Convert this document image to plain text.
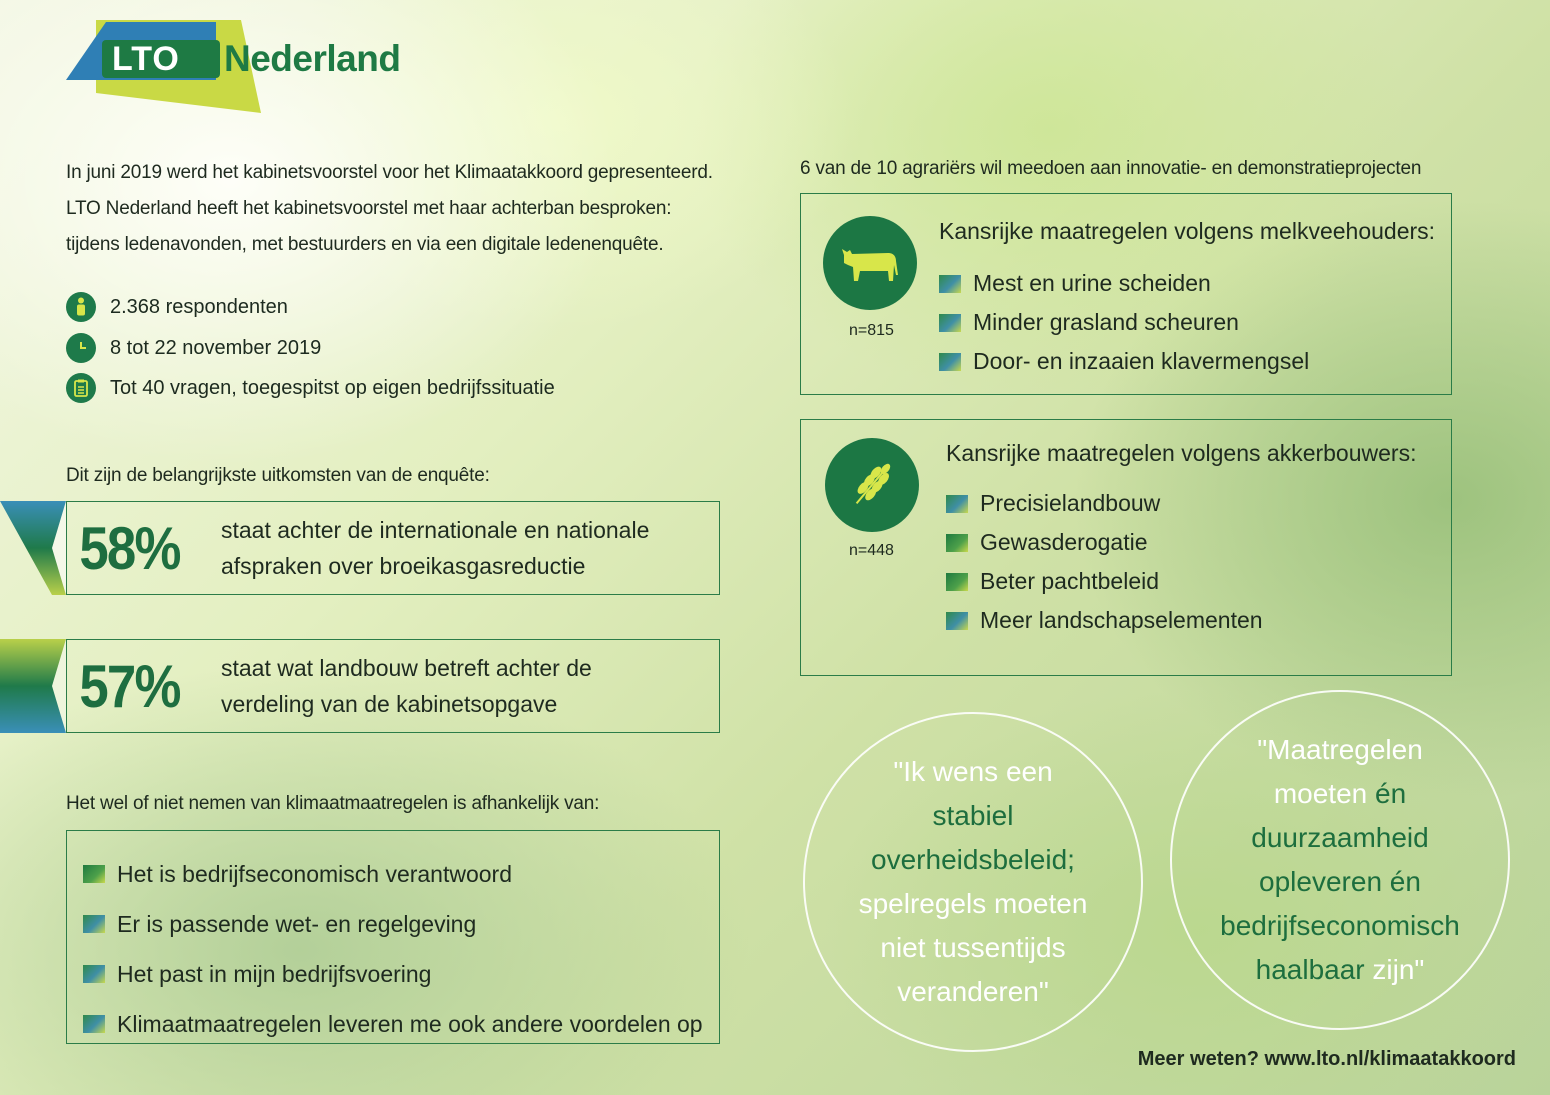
LTO Nederland
In juni 2019 werd het kabinetsvoorstel voor het Klimaatakkoord gepresenteerd.
LTO Nederland heeft het kabinetsvoorstel met haar achterban besproken:
tijdens ledenavonden, met bestuurders en via een digitale ledenenquête.
2.368 respondenten
8 tot 22 november 2019
Tot 40 vragen, toegespitst op eigen bedrijfssituatie
Dit zijn de belangrijkste uitkomsten van de enquête:
58%	staat achter de internationale en nationale
afspraken over broeikasgasreductie
57%	staat wat landbouw betreft achter de
verdeling van de kabinetsopgave
Het wel of niet nemen van klimaatmaatregelen is afhankelijk van:
Het is bedrijfseconomisch verantwoord
Er is passende wet- en regelgeving
Het past in mijn bedrijfsvoering
Klimaatmaatregelen leveren me ook andere voordelen op
6 van de 10 agrariërs wil meedoen aan innovatie- en demonstratieprojecten
n=815
Kansrijke maatregelen volgens melkveehouders:
Mest en urine scheiden
Minder grasland scheuren
Door- en inzaaien klavermengsel
n=448
Kansrijke maatregelen volgens akkerbouwers:
Precisielandbouw
Gewasderogatie
Beter pachtbeleid
Meer landschapselementen
"Ik wens een
stabiel
overheidsbeleid;
spelregels moeten
niet tussentijds
veranderen"
"Maatregelen
moeten én
duurzaamheid
opleveren én
bedrijfseconomisch
haalbaar zijn"
Meer weten? www.lto.nl/klimaatakkoord
